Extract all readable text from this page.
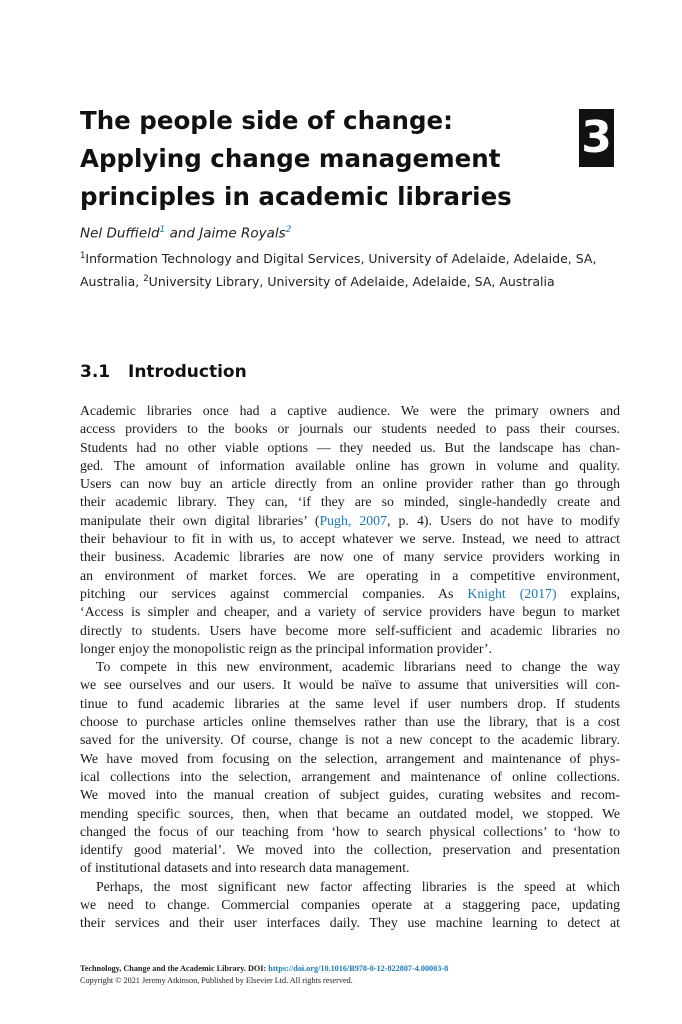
The people side of change:
Applying change management
principles in academic libraries
3
Nel Duffield$^1$ and Jaime Royals$^2$
$^1$Information Technology and Digital Services, University of Adelaide, Adelaide, SA,
Australia, $^2$University Library, University of Adelaide, Adelaide, SA, Australia
3.1 Introduction
Academic libraries once had a captive audience. We were the primary owners and
access providers to the books or journals our students needed to pass their courses.
Students had no other viable options — they needed us. But the landscape has chan-
ged. The amount of information available online has grown in volume and quality.
Users can now buy an article directly from an online provider rather than go through
their academic library. They can, ‘if they are so minded, single-handedly create and
manipulate their own digital libraries’ (Pugh, 2007, p. 4). Users do not have to modify
their behaviour to fit in with us, to accept whatever we serve. Instead, we need to attract
their business. Academic libraries are now one of many service providers working in
an environment of market forces. We are operating in a competitive environment,
pitching our services against commercial companies. As Knight (2017) explains,
‘Access is simpler and cheaper, and a variety of service providers have begun to market
directly to students. Users have become more self-sufficient and academic libraries no
longer enjoy the monopolistic reign as the principal information provider’.
To compete in this new environment, academic librarians need to change the way
we see ourselves and our users. It would be naïve to assume that universities will con-
tinue to fund academic libraries at the same level if user numbers drop. If students
choose to purchase articles online themselves rather than use the library, that is a cost
saved for the university. Of course, change is not a new concept to the academic library.
We have moved from focusing on the selection, arrangement and maintenance of phys-
ical collections into the selection, arrangement and maintenance of online collections.
We moved into the manual creation of subject guides, curating websites and recom-
mending specific sources, then, when that became an outdated model, we stopped. We
changed the focus of our teaching from ‘how to search physical collections’ to ‘how to
identify good material’. We moved into the collection, preservation and presentation
of institutional datasets and into research data management.
Perhaps, the most significant new factor affecting libraries is the speed at which
we need to change. Commercial companies operate at a staggering pace, updating
their services and their user interfaces daily. They use machine learning to detect at
Technology, Change and the Academic Library. DOI: https://doi.org/10.1016/B978-0-12-822807-4.00003-8
Copyright © 2021 Jeremy Atkinson, Published by Elsevier Ltd. All rights reserved.
